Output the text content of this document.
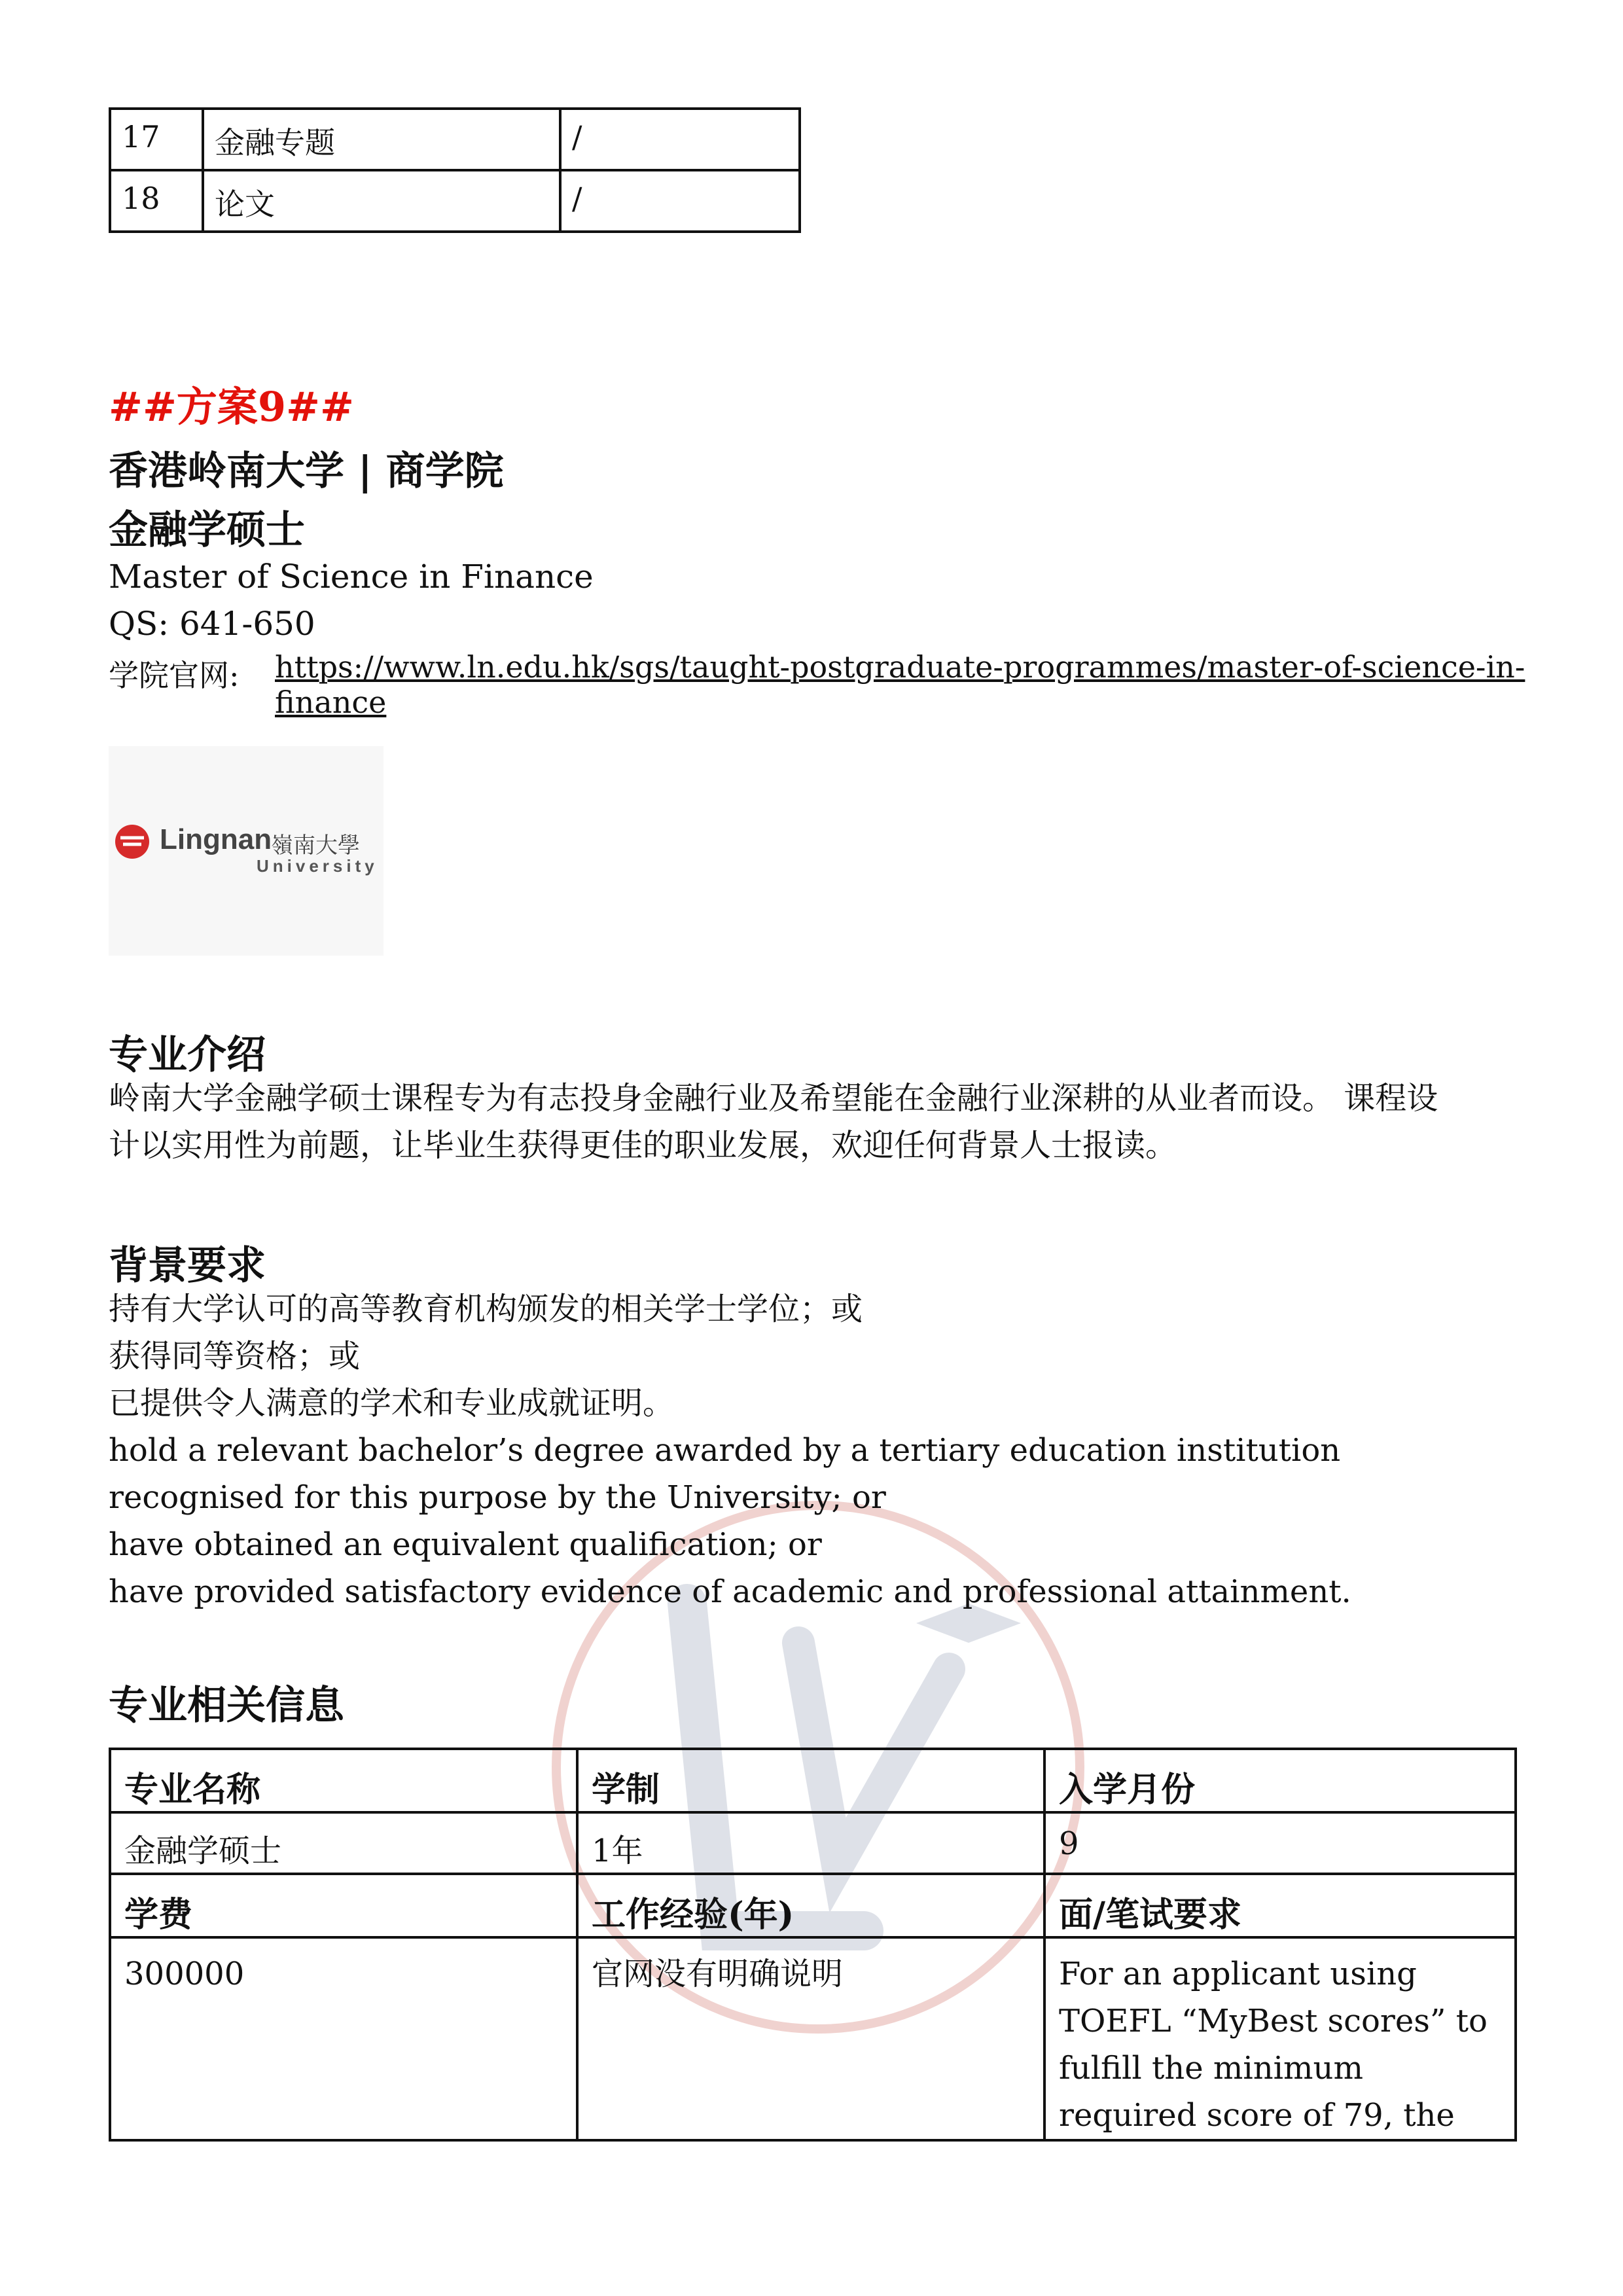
17	金融专题	/
18	论文	/
##方案9##
香港岭南大学 | 商学院
金融学硕士
Master of Science in Finance
QS: 641-650
学院官网: https://www.ln.edu.hk/sgs/taught-postgraduate-programmes/master-of-science-in-finance
Lingnan
嶺南大學
University
专业介绍
岭南大学金融学硕士课程专为有志投身金融行业及希望能在金融行业深耕的从业者而设。 课程设
计以实用性为前题，让毕业生获得更佳的职业发展，欢迎任何背景人士报读。
背景要求
持有大学认可的高等教育机构颁发的相关学士学位；或
获得同等资格；或
已提供令人满意的学术和专业成就证明。
hold a relevant bachelor’s degree awarded by a tertiary education institution
recognised for this purpose by the University; or
have obtained an equivalent qualification; or
have provided satisfactory evidence of academic and professional attainment.
专业相关信息
专业名称	学制	入学月份
金融学硕士	1年	9
学费	工作经验(年)	面/笔试要求
300000	官网没有明确说明	For an applicant using TOEFL “MyBest scores” to fulfill the minimum required score of 79, the
